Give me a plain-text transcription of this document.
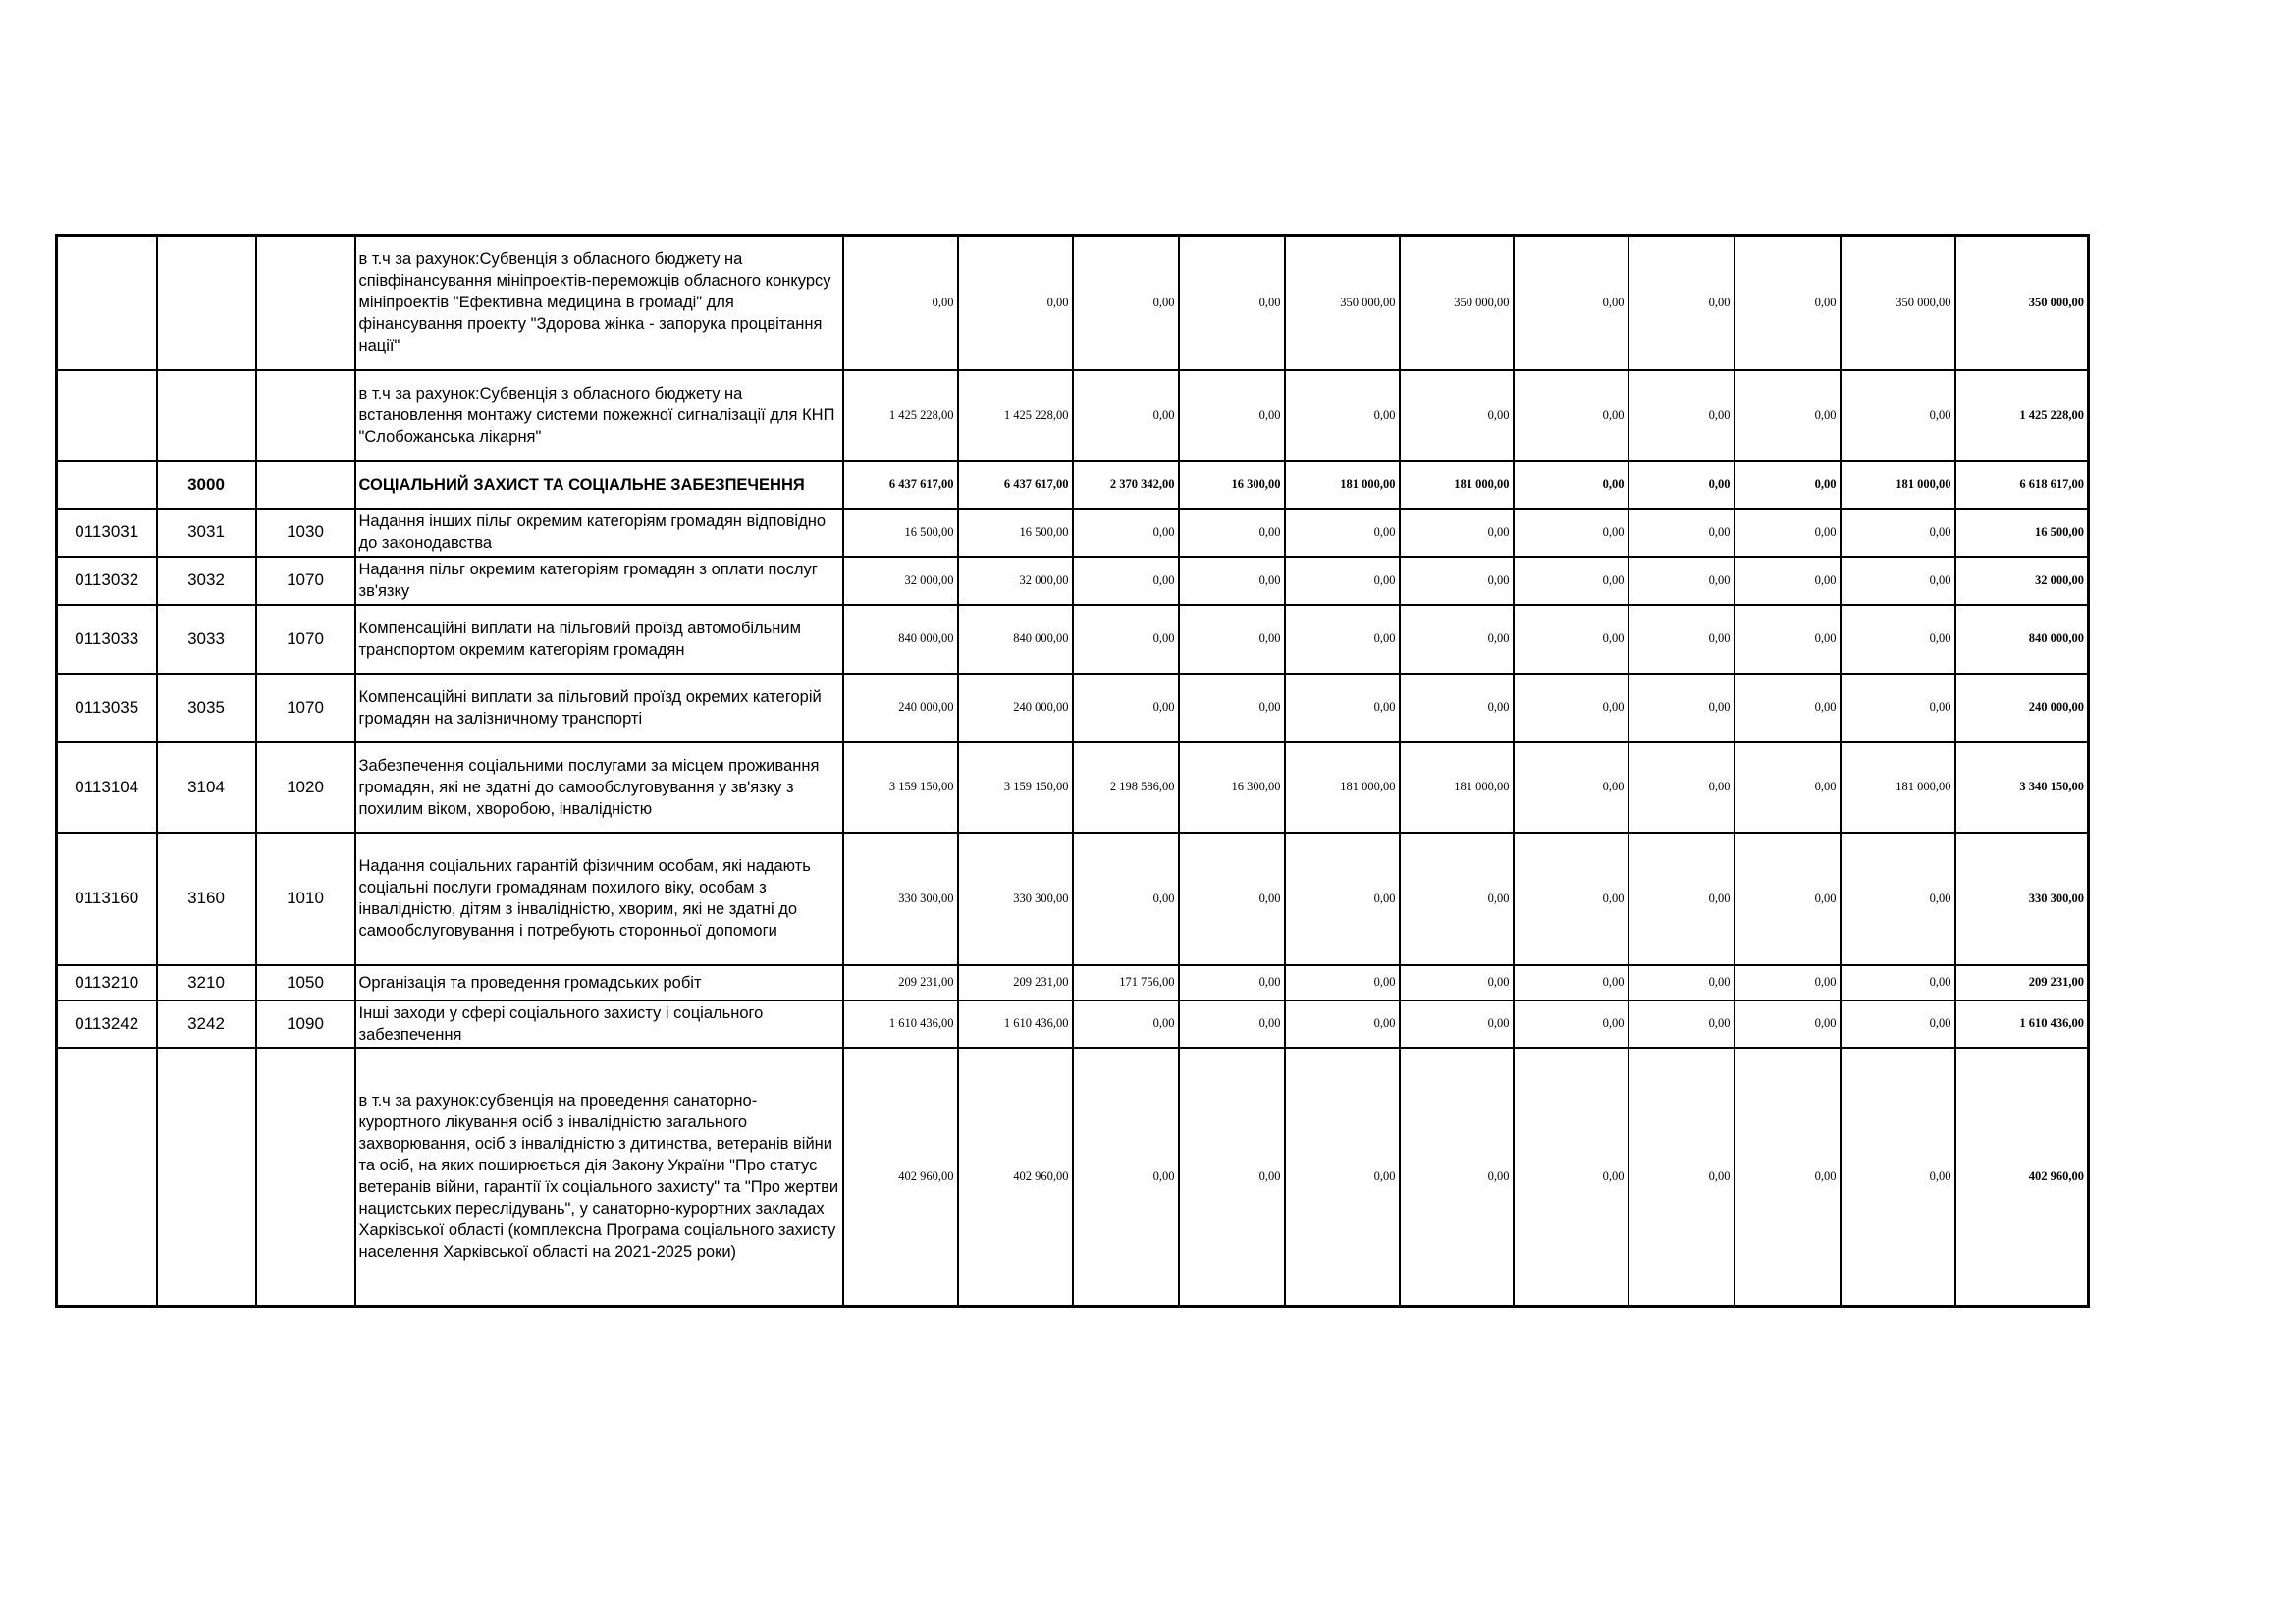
			в т.ч за рахунок:Субвенція з обласного бюджету на співфінансування мініпроектів-переможців обласного конкурсу мініпроектів "Ефективна медицина в громаді" для фінансування проекту "Здорова жінка - запорука процвітання нації"	0,00	0,00	0,00	0,00	350 000,00	350 000,00	0,00	0,00	0,00	350 000,00	350 000,00
			в т.ч за рахунок:Субвенція з обласного бюджету на встановлення монтажу системи пожежної сигналізації для КНП "Слобожанська лікарня"	1 425 228,00	1 425 228,00	0,00	0,00	0,00	0,00	0,00	0,00	0,00	0,00	1 425 228,00
	3000		СОЦІАЛЬНИЙ ЗАХИСТ ТА СОЦІАЛЬНЕ ЗАБЕЗПЕЧЕННЯ	6 437 617,00	6 437 617,00	2 370 342,00	16 300,00	181 000,00	181 000,00	0,00	0,00	0,00	181 000,00	6 618 617,00
0113031	3031	1030	Надання інших пільг окремим категоріям громадян відповідно до законодавства	16 500,00	16 500,00	0,00	0,00	0,00	0,00	0,00	0,00	0,00	0,00	16 500,00
0113032	3032	1070	Надання пільг окремим категоріям громадян з оплати послуг зв'язку	32 000,00	32 000,00	0,00	0,00	0,00	0,00	0,00	0,00	0,00	0,00	32 000,00
0113033	3033	1070	Компенсаційні виплати на пільговий проїзд автомобільним транспортом окремим категоріям громадян	840 000,00	840 000,00	0,00	0,00	0,00	0,00	0,00	0,00	0,00	0,00	840 000,00
0113035	3035	1070	Компенсаційні виплати за пільговий проїзд окремих категорій громадян на залізничному транспорті	240 000,00	240 000,00	0,00	0,00	0,00	0,00	0,00	0,00	0,00	0,00	240 000,00
0113104	3104	1020	Забезпечення соціальними послугами за місцем проживання громадян, які не здатні до самообслуговування у зв'язку з похилим віком, хворобою, інвалідністю	3 159 150,00	3 159 150,00	2 198 586,00	16 300,00	181 000,00	181 000,00	0,00	0,00	0,00	181 000,00	3 340 150,00
0113160	3160	1010	Надання соціальних гарантій фізичним особам, які надають соціальні послуги громадянам похилого віку, особам з інвалідністю, дітям з інвалідністю, хворим, які не здатні до самообслуговування і потребують сторонньої допомоги	330 300,00	330 300,00	0,00	0,00	0,00	0,00	0,00	0,00	0,00	0,00	330 300,00
0113210	3210	1050	Організація та проведення громадських робіт	209 231,00	209 231,00	171 756,00	0,00	0,00	0,00	0,00	0,00	0,00	0,00	209 231,00
0113242	3242	1090	Інші заходи у сфері соціального захисту і соціального забезпечення	1 610 436,00	1 610 436,00	0,00	0,00	0,00	0,00	0,00	0,00	0,00	0,00	1 610 436,00
			в т.ч за рахунок:субвенція на проведення санаторно-курортного лікування осіб з інвалідністю загального захворювання, осіб з інвалідністю з дитинства, ветеранів війни та осіб, на яких поширюється дія Закону України "Про статус ветеранів війни, гарантії їх соціального захисту" та "Про жертви нацистських переслідувань", у санаторно-курортних закладах Харківської області (комплексна Програма соціального захисту населення Харківської області на 2021-2025 роки)	402 960,00	402 960,00	0,00	0,00	0,00	0,00	0,00	0,00	0,00	0,00	402 960,00
